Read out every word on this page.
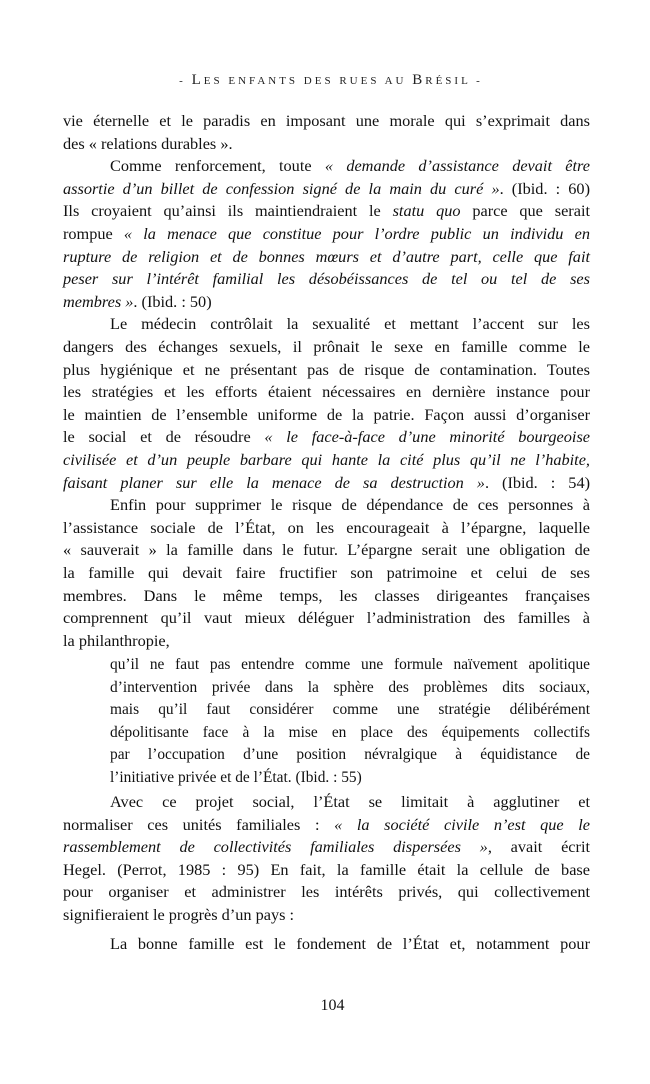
- LES ENFANTS DES RUES AU BRÉSIL -
vie éternelle et le paradis en imposant une morale qui s’exprimait dans
des « relations durables ».
Comme renforcement, toute « demande d’assistance devait être
assortie d’un billet de confession signé de la main du curé ». (Ibid. : 60)
Ils croyaient qu’ainsi ils maintiendraient le statu quo parce que serait
rompue « la menace que constitue pour l’ordre public un individu en
rupture de religion et de bonnes mœurs et d’autre part, celle que fait
peser sur l’intérêt familial les désobéissances de tel ou tel de ses
membres ». (Ibid. : 50)
Le médecin contrôlait la sexualité et mettant l’accent sur les
dangers des échanges sexuels, il prônait le sexe en famille comme le
plus hygiénique et ne présentant pas de risque de contamination. Toutes
les stratégies et les efforts étaient nécessaires en dernière instance pour
le maintien de l’ensemble uniforme de la patrie. Façon aussi d’organiser
le social et de résoudre « le face-à-face d’une minorité bourgeoise
civilisée et d’un peuple barbare qui hante la cité plus qu’il ne l’habite,
faisant planer sur elle la menace de sa destruction ». (Ibid. : 54)
Enfin pour supprimer le risque de dépendance de ces personnes à
l’assistance sociale de l’État, on les encourageait à l’épargne, laquelle
« sauverait » la famille dans le futur. L’épargne serait une obligation de
la famille qui devait faire fructifier son patrimoine et celui de ses
membres. Dans le même temps, les classes dirigeantes françaises
comprennent qu’il vaut mieux déléguer l’administration des familles à
la philanthropie,
qu’il ne faut pas entendre comme une formule naïvement apolitique
d’intervention privée dans la sphère des problèmes dits sociaux,
mais qu’il faut considérer comme une stratégie délibérément
dépolitisante face à la mise en place des équipements collectifs
par l’occupation d’une position névralgique à équidistance de
l’initiative privée et de l’État. (Ibid. : 55)
Avec ce projet social, l’État se limitait à agglutiner et
normaliser ces unités familiales : « la société civile n’est que le
rassemblement de collectivités familiales dispersées », avait écrit
Hegel. (Perrot, 1985 : 95) En fait, la famille était la cellule de base
pour organiser et administrer les intérêts privés, qui collectivement
signifieraient le progrès d’un pays :
La bonne famille est le fondement de l’État et, notamment pour
104
